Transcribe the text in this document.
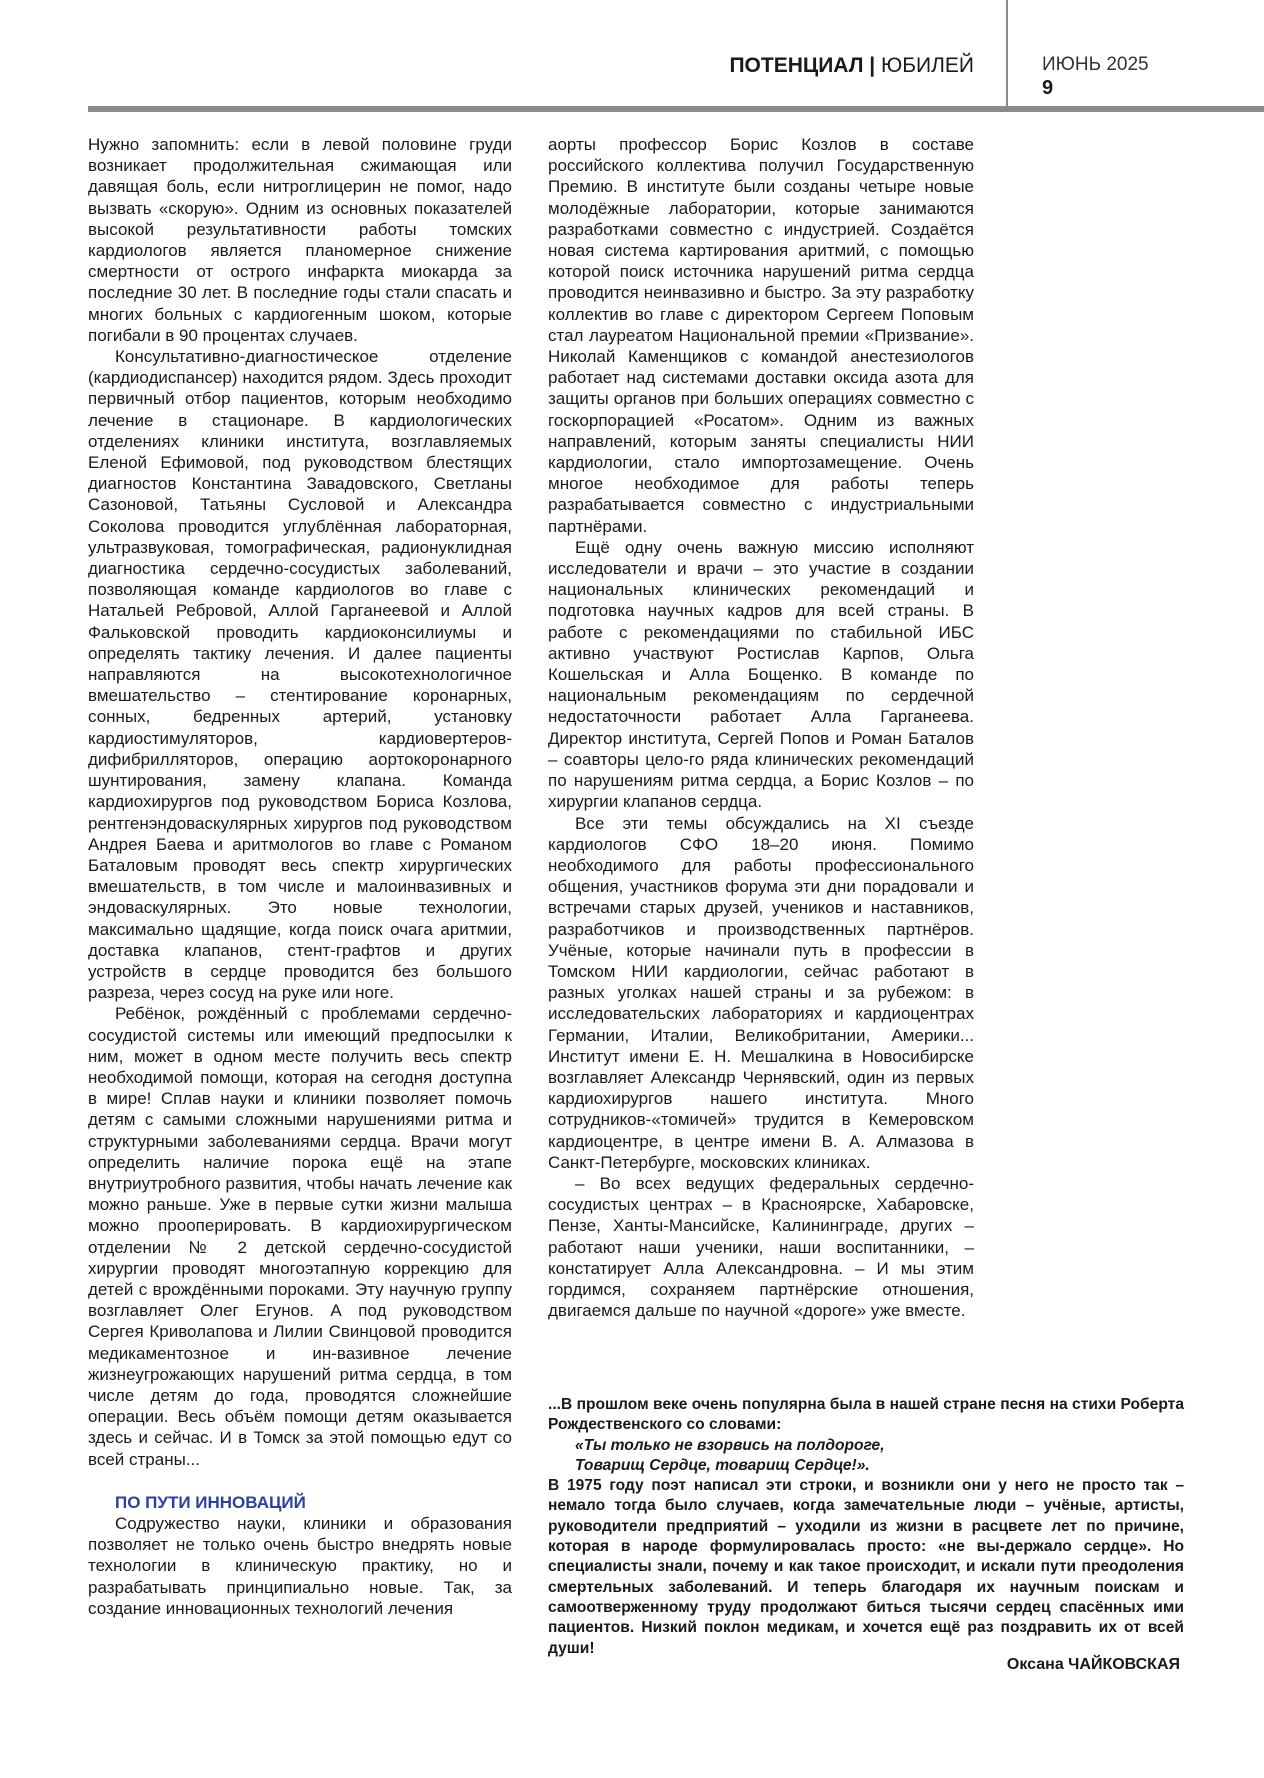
ПОТЕНЦИАЛ | ЮБИЛЕЙ	ИЮНЬ 2025
9

Нужно запомнить: если в левой половине груди возникает продолжительная сжимающая или давящая боль, если нитроглицерин не помог, надо вызвать «скорую». Одним из основных показателей высокой результативности работы томских кардиологов является планомерное снижение смертности от острого инфаркта миокарда за последние 30 лет. В последние годы стали спасать и многих больных с кардиогенным шоком, которые погибали в 90 процентах случаев.

Консультативно-диагностическое отделение (кардиодиспансер) находится рядом. Здесь проходит первичный отбор пациентов, которым необходимо лечение в стационаре. В кардиологических отделениях клиники института, возглавляемых Еленой Ефимовой, под руководством блестящих диагностов Константина Завадовского, Светланы Сазоновой, Татьяны Сусловой и Александра Соколова проводится углублённая лабораторная, ультразвуковая, томографическая, радионуклидная диагностика сердечно-сосудистых заболеваний, позволяющая команде кардиологов во главе с Натальей Ребровой, Аллой Гарганеевой и Аллой Фальковской проводить кардиоконсилиумы и определять тактику лечения. И далее пациенты направляются на высокотехнологичное вмешательство – стентирование коронарных, сонных, бедренных артерий, установку кардиостимуляторов, кардиовертеров-дифибрилляторов, операцию аортокоронарного шунтирования, замену клапана. Команда кардиохирургов под руководством Бориса Козлова, рентгенэндоваскулярных хирургов под руководством Андрея Баева и аритмологов во главе с Романом Баталовым проводят весь спектр хирургических вмешательств, в том числе и малоинвазивных и эндоваскулярных. Это новые технологии, максимально щадящие, когда поиск очага аритмии, доставка клапанов, стент-графтов и других устройств в сердце проводится без большого разреза, через сосуд на руке или ноге.

Ребёнок, рождённый с проблемами сердечно-сосудистой системы или имеющий предпосылки к ним, может в одном месте получить весь спектр необходимой помощи, которая на сегодня доступна в мире! Сплав науки и клиники позволяет помочь детям с самыми сложными нарушениями ритма и структурными заболеваниями сердца. Врачи могут определить наличие порока ещё на этапе внутриутробного развития, чтобы начать лечение как можно раньше. Уже в первые сутки жизни малыша можно прооперировать. В кардиохирургическом отделении № 2 детской сердечно-сосудистой хирургии проводят многоэтапную коррекцию для детей с врождёнными пороками. Эту научную группу возглавляет Олег Егунов. А под руководством Сергея Криволапова и Лилии Свинцовой проводится медикаментозное и ин-вазивное лечение жизнеугрожающих нарушений ритма сердца, в том числе детям до года, проводятся сложнейшие операции. Весь объём помощи детям оказывается здесь и сейчас. И в Томск за этой помощью едут со всей страны...

ПО ПУТИ ИННОВАЦИЙ

Содружество науки, клиники и образования позволяет не только очень быстро внедрять новые технологии в клиническую практику, но и разрабатывать принципиально новые. Так, за создание инновационных технологий лечения

аорты профессор Борис Козлов в составе российского коллектива получил Государственную Премию. В институте были созданы четыре новые молодёжные лаборатории, которые занимаются разработками совместно с индустрией. Создаётся новая система картирования аритмий, с помощью которой поиск источника нарушений ритма сердца проводится неинвазивно и быстро. За эту разработку коллектив во главе с директором Сергеем Поповым стал лауреатом Национальной премии «Призвание». Николай Каменщиков с командой анестезиологов работает над системами доставки оксида азота для защиты органов при больших операциях совместно с госкорпорацией «Росатом». Одним из важных направлений, которым заняты специалисты НИИ кардиологии, стало импортозамещение. Очень многое необходимое для работы теперь разрабатывается совместно с индустриальными партнёрами.

Ещё одну очень важную миссию исполняют исследователи и врачи – это участие в создании национальных клинических рекомендаций и подготовка научных кадров для всей страны. В работе с рекомендациями по стабильной ИБС активно участвуют Ростислав Карпов, Ольга Кошельская и Алла Бощенко. В команде по национальным рекомендациям по сердечной недостаточности работает Алла Гарганеева. Директор института, Сергей Попов и Роман Баталов – соавторы цело-го ряда клинических рекомендаций по нарушениям ритма сердца, а Борис Козлов – по хирургии клапанов сердца.

Все эти темы обсуждались на XI съезде кардиологов СФО 18–20 июня. Помимо необходимого для работы профессионального общения, участников форума эти дни порадовали и встречами старых друзей, учеников и наставников, разработчиков и производственных партнёров. Учёные, которые начинали путь в профессии в Томском НИИ кардиологии, сейчас работают в разных уголках нашей страны и за рубежом: в исследовательских лабораториях и кардиоцентрах Германии, Италии, Великобритании, Америки... Институт имени Е. Н. Мешалкина в Новосибирске возглавляет Александр Чернявский, один из первых кардиохирургов нашего института. Много сотрудников-«томичей» трудится в Кемеровском кардиоцентре, в центре имени В. А. Алмазова в Санкт-Петербурге, московских клиниках.

– Во всех ведущих федеральных сердечно-сосудистых центрах – в Красноярске, Хабаровске, Пензе, Ханты-Мансийске, Калининграде, других – работают наши ученики, наши воспитанники, – констатирует Алла Александровна. – И мы этим гордимся, сохраняем партнёрские отношения, двигаемся дальше по научной «дороге» уже вместе.

...В прошлом веке очень популярна была в нашей стране песня на стихи Роберта Рождественского со словами:

«Ты только не взорвись на полдороге,
Товарищ Сердце, товарищ Сердце!».

В 1975 году поэт написал эти строки, и возникли они у него не просто так – немало тогда было случаев, когда замечательные люди – учёные, артисты, руководители предприятий – уходили из жизни в расцвете лет по причине, которая в народе формулировалась просто: «не вы-держало сердце». Но специалисты знали, почему и как такое происходит, и искали пути преодоления смертельных заболеваний. И теперь благодаря их научным поискам и самоотверженному труду продолжают биться тысячи сердец спасённых ими пациентов. Низкий поклон медикам, и хочется ещё раз поздравить их от всей души!

Оксана ЧАЙКОВСКАЯ
